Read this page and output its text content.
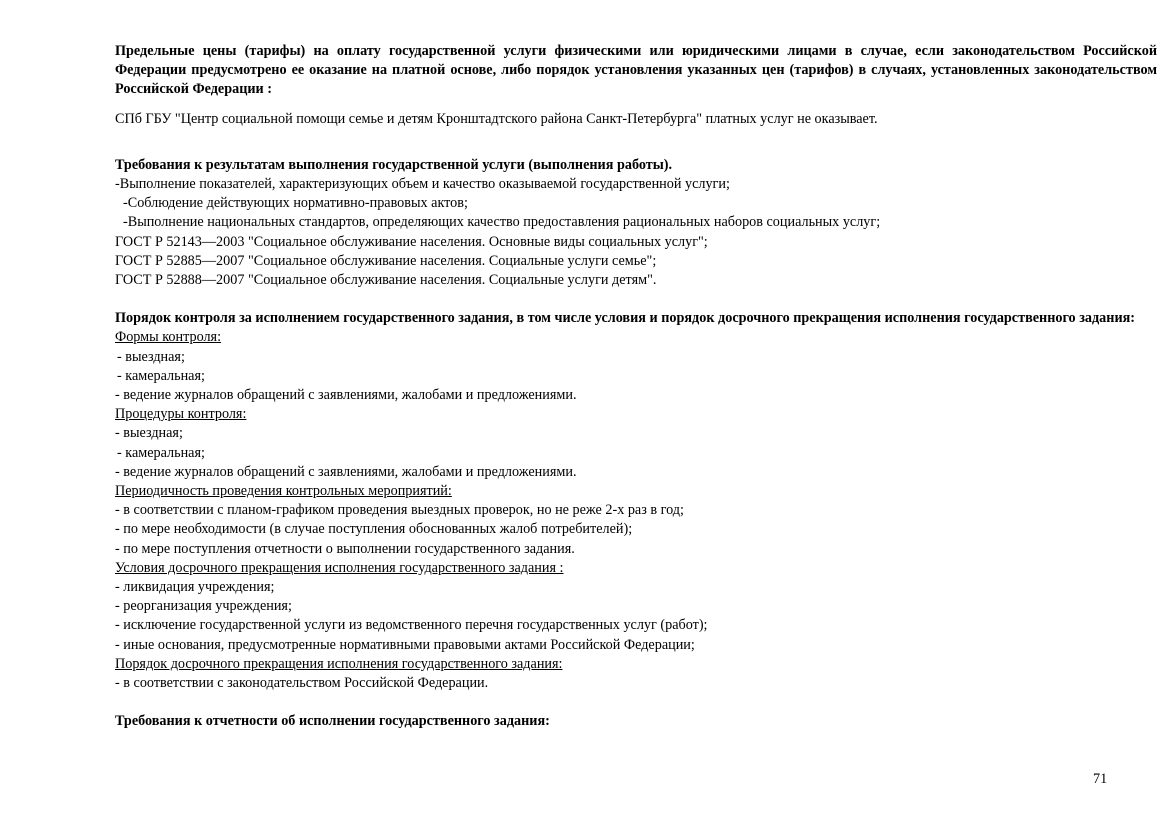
Предельные цены (тарифы) на оплату государственной услуги физическими или юридическими лицами в случае, если законодательством Российской Федерации предусмотрено ее оказание на платной основе, либо порядок установления указанных цен (тарифов) в случаях, установленных законодательством Российской Федерации :

СПб ГБУ "Центр социальной помощи семье и детям Кронштадтского района Санкт-Петербурга" платных услуг не оказывает.

Требования к результатам выполнения государственной услуги (выполнения работы).

-Выполнение показателей, характеризующих объем и качество оказываемой государственной услуги;

-Соблюдение действующих нормативно-правовых актов;

-Выполнение национальных стандартов, определяющих качество предоставления рациональных наборов социальных услуг;

ГОСТ Р 52143—2003 "Социальное обслуживание населения. Основные виды социальных услуг";

ГОСТ Р 52885—2007 "Социальное обслуживание населения. Социальные услуги семье";

ГОСТ Р 52888—2007 "Социальное обслуживание населения. Социальные услуги детям".

Порядок контроля за исполнением государственного задания, в том числе условия и порядок досрочного прекращения исполнения государственного задания:

Формы контроля:

- выездная;

- камеральная;

- ведение журналов обращений с заявлениями, жалобами и предложениями.

Процедуры контроля:

- выездная;

- камеральная;

- ведение журналов обращений с заявлениями, жалобами и предложениями.

Периодичность проведения контрольных мероприятий:

- в соответствии с планом-графиком проведения выездных проверок, но не реже 2-х раз в год;

- по мере необходимости (в случае поступления обоснованных жалоб потребителей);

- по мере поступления отчетности о выполнении государственного задания.

Условия досрочного прекращения исполнения государственного задания :

- ликвидация учреждения;

- реорганизация учреждения;

- исключение государственной услуги из ведомственного перечня государственных услуг (работ);

- иные основания, предусмотренные нормативными правовыми актами Российской Федерации;

Порядок досрочного прекращения исполнения государственного задания:

- в соответствии с законодательством Российской Федерации.

Требования к отчетности об исполнении государственного задания:

71
